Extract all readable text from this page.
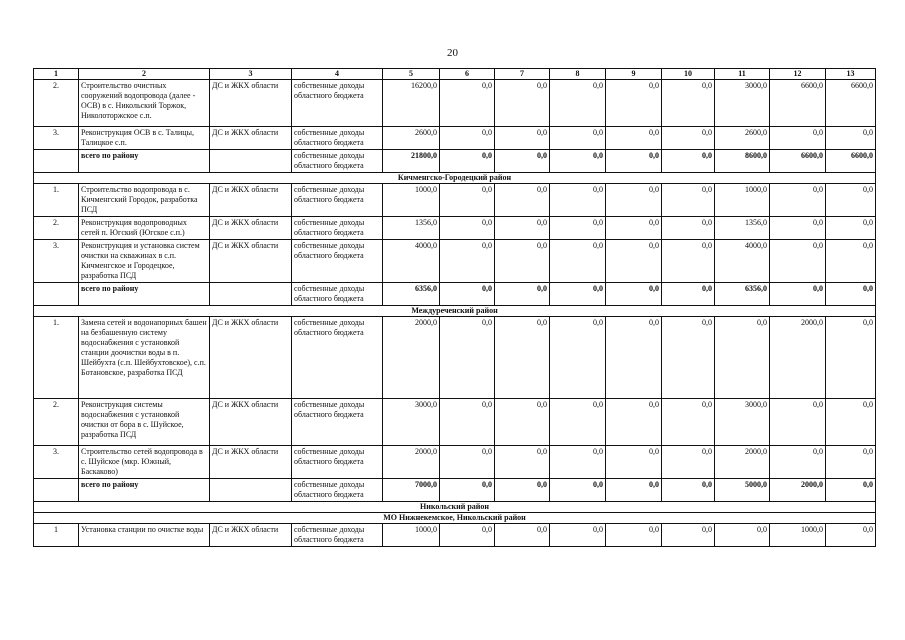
20
1	2	3	4	5	6	7	8	9	10	11	12	13
2.	Строительство очистных сооружений водопровода (далее - ОСВ) в с. Никольский Торжок, Николоторжское с.п.	ДС и ЖКХ области	собственные доходы областного бюджета	16200,0	0,0	0,0	0,0	0,0	0,0	3000,0	6600,0	6600,0
3.	Реконструкция ОСВ в с. Талицы, Талицкое с.п.	ДС и ЖКХ области	собственные доходы областного бюджета	2600,0	0,0	0,0	0,0	0,0	0,0	2600,0	0,0	0,0
	всего по району		собственные доходы областного бюджета	21800,0	0,0	0,0	0,0	0,0	0,0	8600,0	6600,0	6600,0
Кичменгско-Городецкий район												
1.	Строительство водопровода в с. Кичменгский Городок, разработка ПСД	ДС и ЖКХ области	собственные доходы областного бюджета	1000,0	0,0	0,0	0,0	0,0	0,0	1000,0	0,0	0,0
2.	Реконструкция водопроводных сетей п. Югский (Югское с.п.)	ДС и ЖКХ области	собственные доходы областного бюджета	1356,0	0,0	0,0	0,0	0,0	0,0	1356,0	0,0	0,0
3.	Реконструкция и установка систем очистки на скважинах в с.п. Кичменгское и Городецкое, разработка ПСД	ДС и ЖКХ области	собственные доходы областного бюджета	4000,0	0,0	0,0	0,0	0,0	0,0	4000,0	0,0	0,0
	всего по району		собственные доходы областного бюджета	6356,0	0,0	0,0	0,0	0,0	0,0	6356,0	0,0	0,0
Междуреченский район												
1.	Замена сетей и водонапорных башен на безбашенную систему водоснабжения с установкой станции доочистки воды в п. Шейбухта (с.п. Шейбухтовское), с.п. Ботановское, разработка ПСД	ДС и ЖКХ области	собственные доходы областного бюджета	2000,0	0,0	0,0	0,0	0,0	0,0	0,0	2000,0	0,0
2.	Реконструкция системы водоснабжения с установкой очистки от бора в с. Шуйское, разработка ПСД	ДС и ЖКХ области	собственные доходы областного бюджета	3000,0	0,0	0,0	0,0	0,0	0,0	3000,0	0,0	0,0
3.	Строительство сетей водопровода в с. Шуйское (мкр. Южный, Баскаково)	ДС и ЖКХ области	собственные доходы областного бюджета	2000,0	0,0	0,0	0,0	0,0	0,0	2000,0	0,0	0,0
	всего по району		собственные доходы областного бюджета	7000,0	0,0	0,0	0,0	0,0	0,0	5000,0	2000,0	0,0
Никольский район												
МО Нижнекемское, Никольский район												
1	Установка станции по очистке воды	ДС и ЖКХ области	собственные доходы областного бюджета	1000,0	0,0	0,0	0,0	0,0	0,0	0,0	1000,0	0,0
